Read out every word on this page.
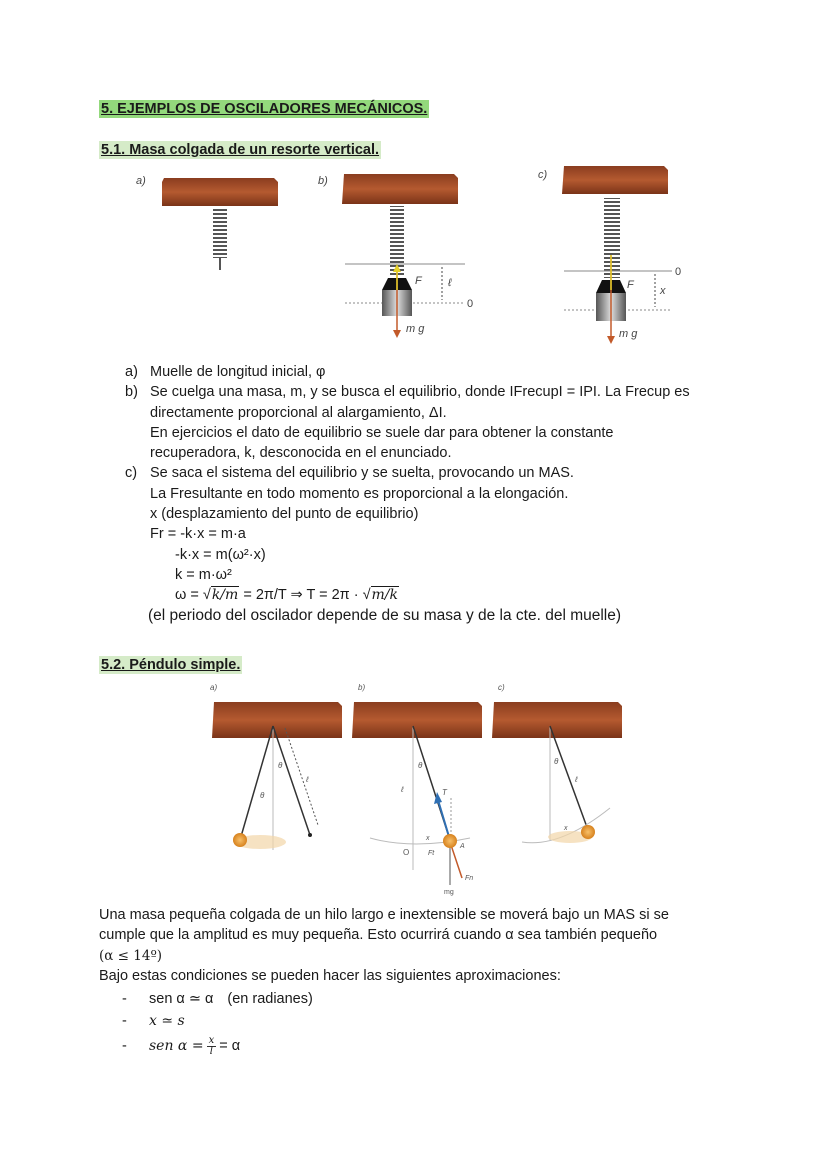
5. EJEMPLOS DE OSCILADORES MECÁNICOS.
5.1. Masa colgada de un resorte vertical.
a)	b)
F ℓ
0
m g
c)
F x
0
m g
a) Muelle de longitud inicial, φ
b) Se cuelga una masa, m, y se busca el equilibrio, donde IFrecupI = IPI. La Frecup es
directamente proporcional al alargamiento, ΔI.
En ejercicios el dato de equilibrio se suele dar para obtener la constante
recuperadora, k, desconocida en el enunciado.
c) Se saca el sistema del equilibrio y se suelta, provocando un MAS.
La Fresultante en todo momento es proporcional a la elongación.
x (desplazamiento del punto de equilibrio)
Fr = -k·x = m·a
-k·x = m(ω²·x)
k = m·ω²
ω = √k/m = 2π/T ⇒ T = 2π · √m/k
(el periodo del oscilador depende de su masa y de la cte. del muelle)
5.2. Péndulo simple.
a)
θ
θ
ℓ
b)
θ
ℓ	T
x
O	Ft
A
Fn
mg
c)
θ
ℓ
x
Una masa pequeña colgada de un hilo largo e inextensible se moverá bajo un MAS si se
cumple que la amplitud es muy pequeña. Esto ocurrirá cuando α sea también pequeño
(α ≤ 14º)
Bajo estas condiciones se pueden hacer las siguientes aproximaciones:
-	sen α ≃ α (en radianes)
-	x ≃ s
-	sen $\alpha = \frac{x}{l} = \alpha$
